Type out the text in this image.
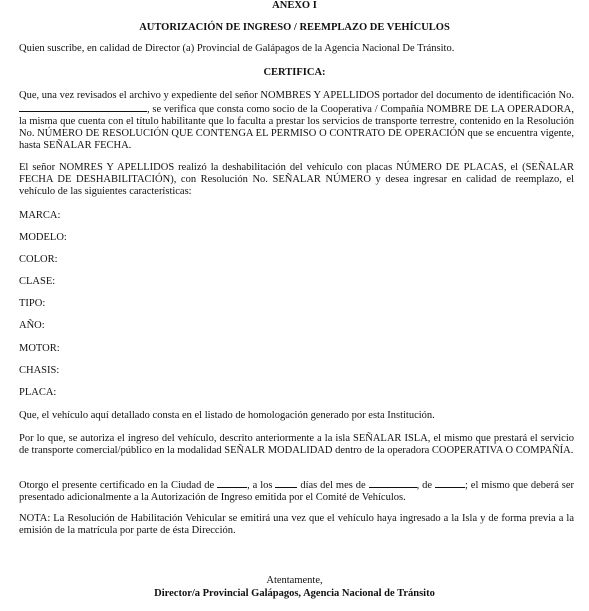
ANEXO I
AUTORIZACIÓN DE INGRESO / REEMPLAZO DE VEHÍCULOS
Quien suscribe, en calidad de Director (a) Provincial de Galápagos de la Agencia Nacional De Tránsito.
CERTIFICA:
Que, una vez revisados el archivo y expediente del señor NOMBRES Y APELLIDOS portador del documento de identificación No., se verifica que consta como socio de la Cooperativa / Compañía NOMBRE DE LA OPERADORA, la misma que cuenta con el título habilitante que lo faculta a prestar los servicios de transporte terrestre, contenido en la Resolución No. NÚMERO DE RESOLUCIÓN QUE CONTENGA EL PERMISO O CONTRATO DE OPERACIÓN que se encuentra vigente, hasta SEÑALAR FECHA.
El señor NOMRES Y APELLIDOS realizó la deshabilitación del vehículo con placas NÚMERO DE PLACAS, el (SEÑALAR FECHA DE DESHABILITACIÓN), con Resolución No. SEÑALAR NÚMERO y desea ingresar en calidad de reemplazo, el vehículo de las siguientes características:
MARCA:
MODELO:
COLOR:
CLASE:
TIPO:
AÑO:
MOTOR:
CHASIS:
PLACA:
Que, el vehículo aquí detallado consta en el listado de homologación generado por esta Institución.
Por lo que, se autoriza el ingreso del vehículo, descrito anteriormente a la isla SEÑALAR ISLA, el mismo que prestará el servicio de transporte comercial/público en la modalidad SEÑALR MODALIDAD dentro de la operadora COOPERATIVA O COMPAÑÍA.
Otorgo el presente certificado en la Ciudad de	, a los	días del mes de	, de	; el mismo que deberá ser presentado adicionalmente a la Autorización de Ingreso emitida por el Comité de Vehículos.
NOTA: La Resolución de Habilitación Vehicular se emitirá una vez que el vehículo haya ingresado a la Isla y de forma previa a la emisión de la matrícula por parte de ésta Dirección.
Atentamente,
Director/a Provincial Galápagos, Agencia Nacional de Tránsito
